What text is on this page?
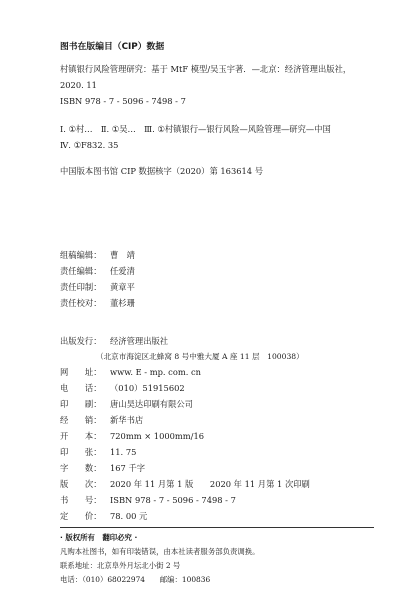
图书在版编目（CIP）数据
村镇银行风险管理研究：基于 MtF 模型/吴玉宇著．—北京：经济管理出版社，
2020. 11
ISBN 978 - 7 - 5096 - 7498 - 7
Ⅰ. ①村…　Ⅱ. ①吴…　Ⅲ. ①村镇银行—银行风险—风险管理—研究—中国
Ⅳ. ①F832. 35
中国版本图书馆 CIP 数据核字（2020）第 163614 号
组稿编辑： 曹　靖
责任编辑： 任爱清
责任印制： 黄章平
责任校对： 董杉珊
出版发行： 经济管理出版社
（北京市海淀区北蜂窝 8 号中雅大厦 A 座 11 层　100038）
网　　址： www. E - mp. com. cn
电　　话： （010）51915602
印　　刷： 唐山昊达印刷有限公司
经　　销： 新华书店
开　　本： 720mm × 1000mm/16
印　　张： 11. 75
字　　数： 167 千字
版　　次： 2020 年 11 月第 1 版　　2020 年 11 月第 1 次印刷
书　　号： ISBN 978 - 7 - 5096 - 7498 - 7
定　　价： 78. 00 元
· 版权所有　翻印必究 ·
凡购本社图书，如有印装错误，由本社读者服务部负责调换。
联系地址：北京阜外月坛北小街 2 号
电话：（010）68022974　　邮编：100836
